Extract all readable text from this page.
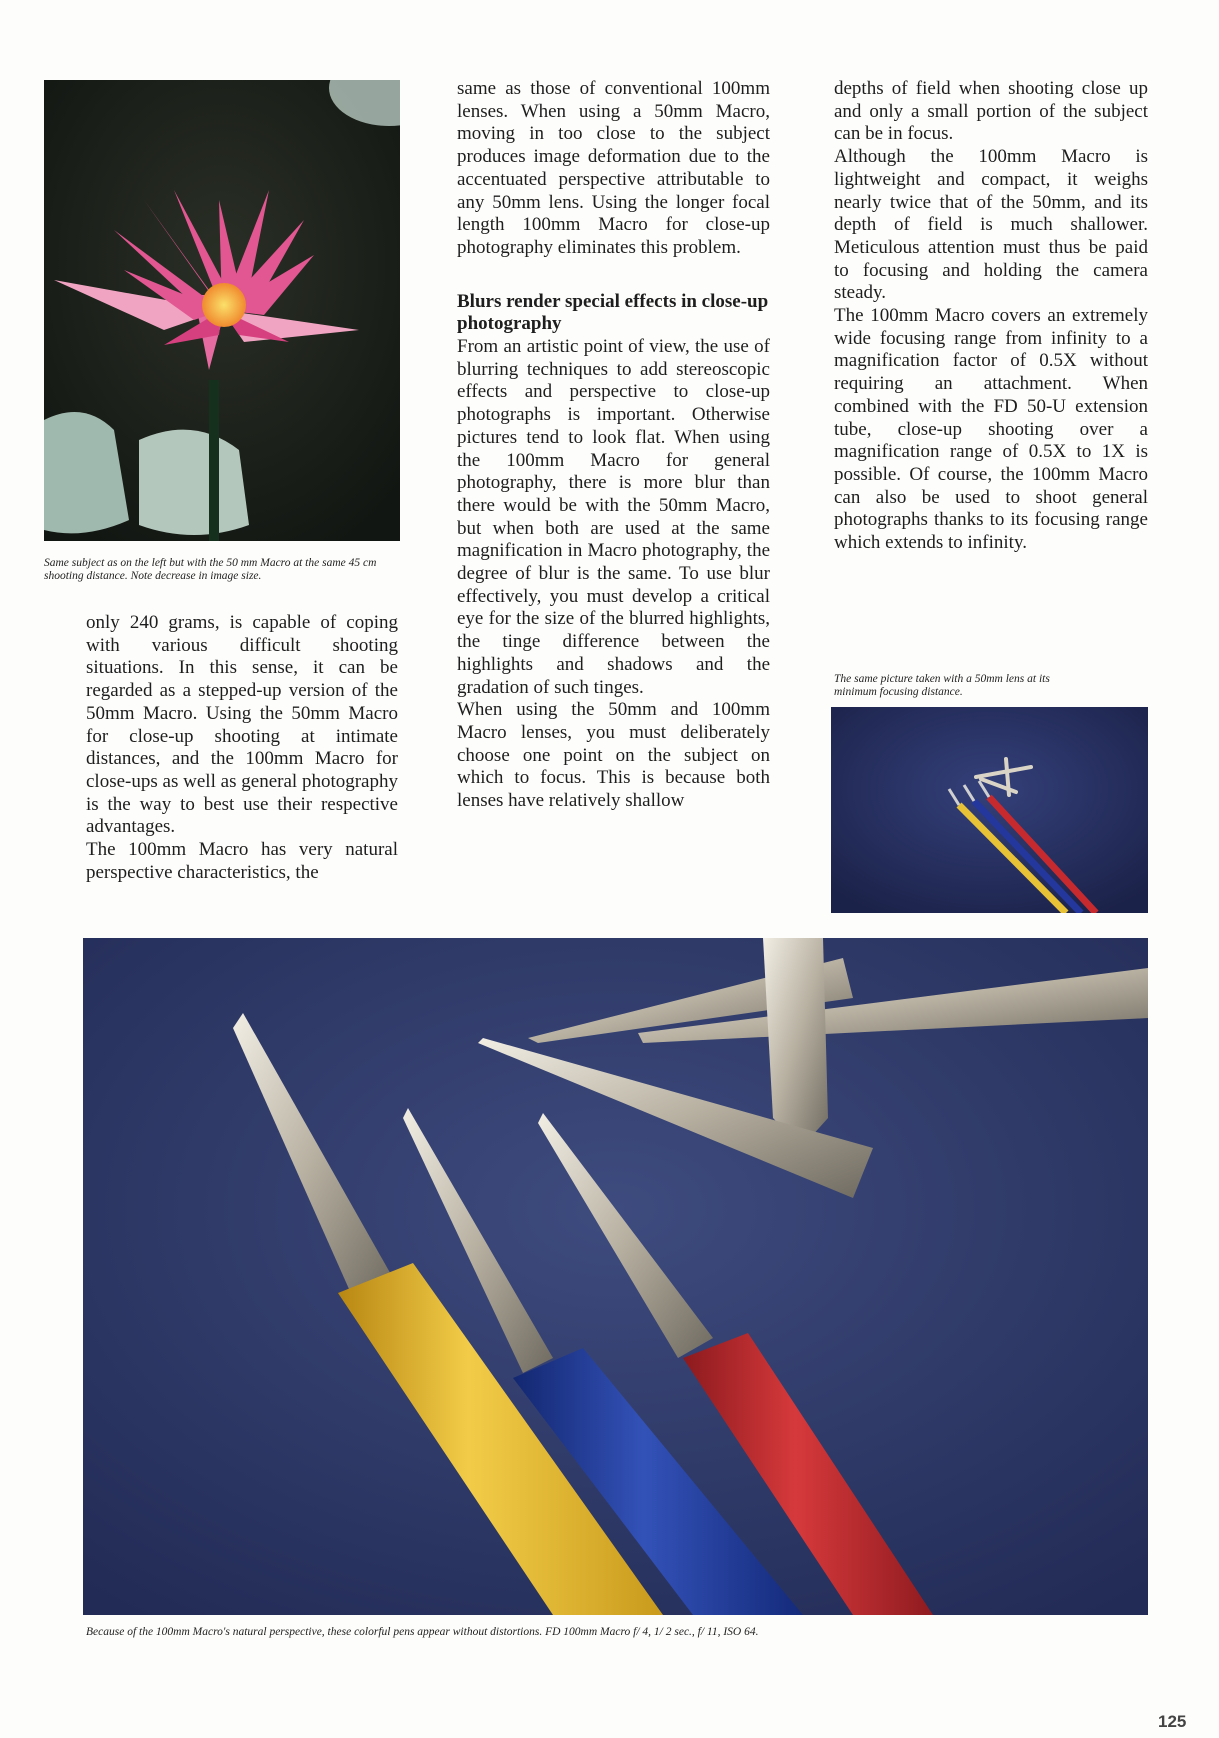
Same subject as on the left but with the 50 mm Macro at the same 45 cm shooting distance. Note decrease in image size.

only 240 grams, is capable of coping with various difficult shooting situations. In this sense, it can be regarded as a stepped-up version of the 50mm Macro. Using the 50mm Macro for close-up shooting at intimate distances, and the 100mm Macro for close-ups as well as general photography is the way to best use their respective advantages.

The 100mm Macro has very natural perspective characteristics, the

same as those of conventional 100mm lenses. When using a 50mm Macro, moving in too close to the subject produces image deformation due to the accentuated perspective attributable to any 50mm lens. Using the longer focal length 100mm Macro for close-up photography eliminates this problem.

Blurs render special effects in close-up photography

From an artistic point of view, the use of blurring techniques to add stereoscopic effects and perspective to close-up photographs is important. Otherwise pictures tend to look flat. When using the 100mm Macro for general photography, there is more blur than there would be with the 50mm Macro, but when both are used at the same magnification in Macro photography, the degree of blur is the same. To use blur effectively, you must develop a critical eye for the size of the blurred highlights, the tinge difference between the highlights and shadows and the gradation of such tinges.

When using the 50mm and 100mm Macro lenses, you must deliberately choose one point on the subject on which to focus. This is because both lenses have relatively shallow

depths of field when shooting close up and only a small portion of the subject can be in focus.

Although the 100mm Macro is lightweight and compact, it weighs nearly twice that of the 50mm, and its depth of field is much shallower. Meticulous attention must thus be paid to focusing and holding the camera steady.

The 100mm Macro covers an extremely wide focusing range from infinity to a magnification factor of 0.5X without requiring an attachment. When combined with the FD 50-U extension tube, close-up shooting over a magnification range of 0.5X to 1X is possible. Of course, the 100mm Macro can also be used to shoot general photographs thanks to its focusing range which extends to infinity.

The same picture taken with a 50mm lens at its minimum focusing distance.
Because of the 100mm Macro's natural perspective, these colorful pens appear without distortions. FD 100mm Macro f/ 4, 1/ 2 sec., f/ 11, ISO 64.
125
